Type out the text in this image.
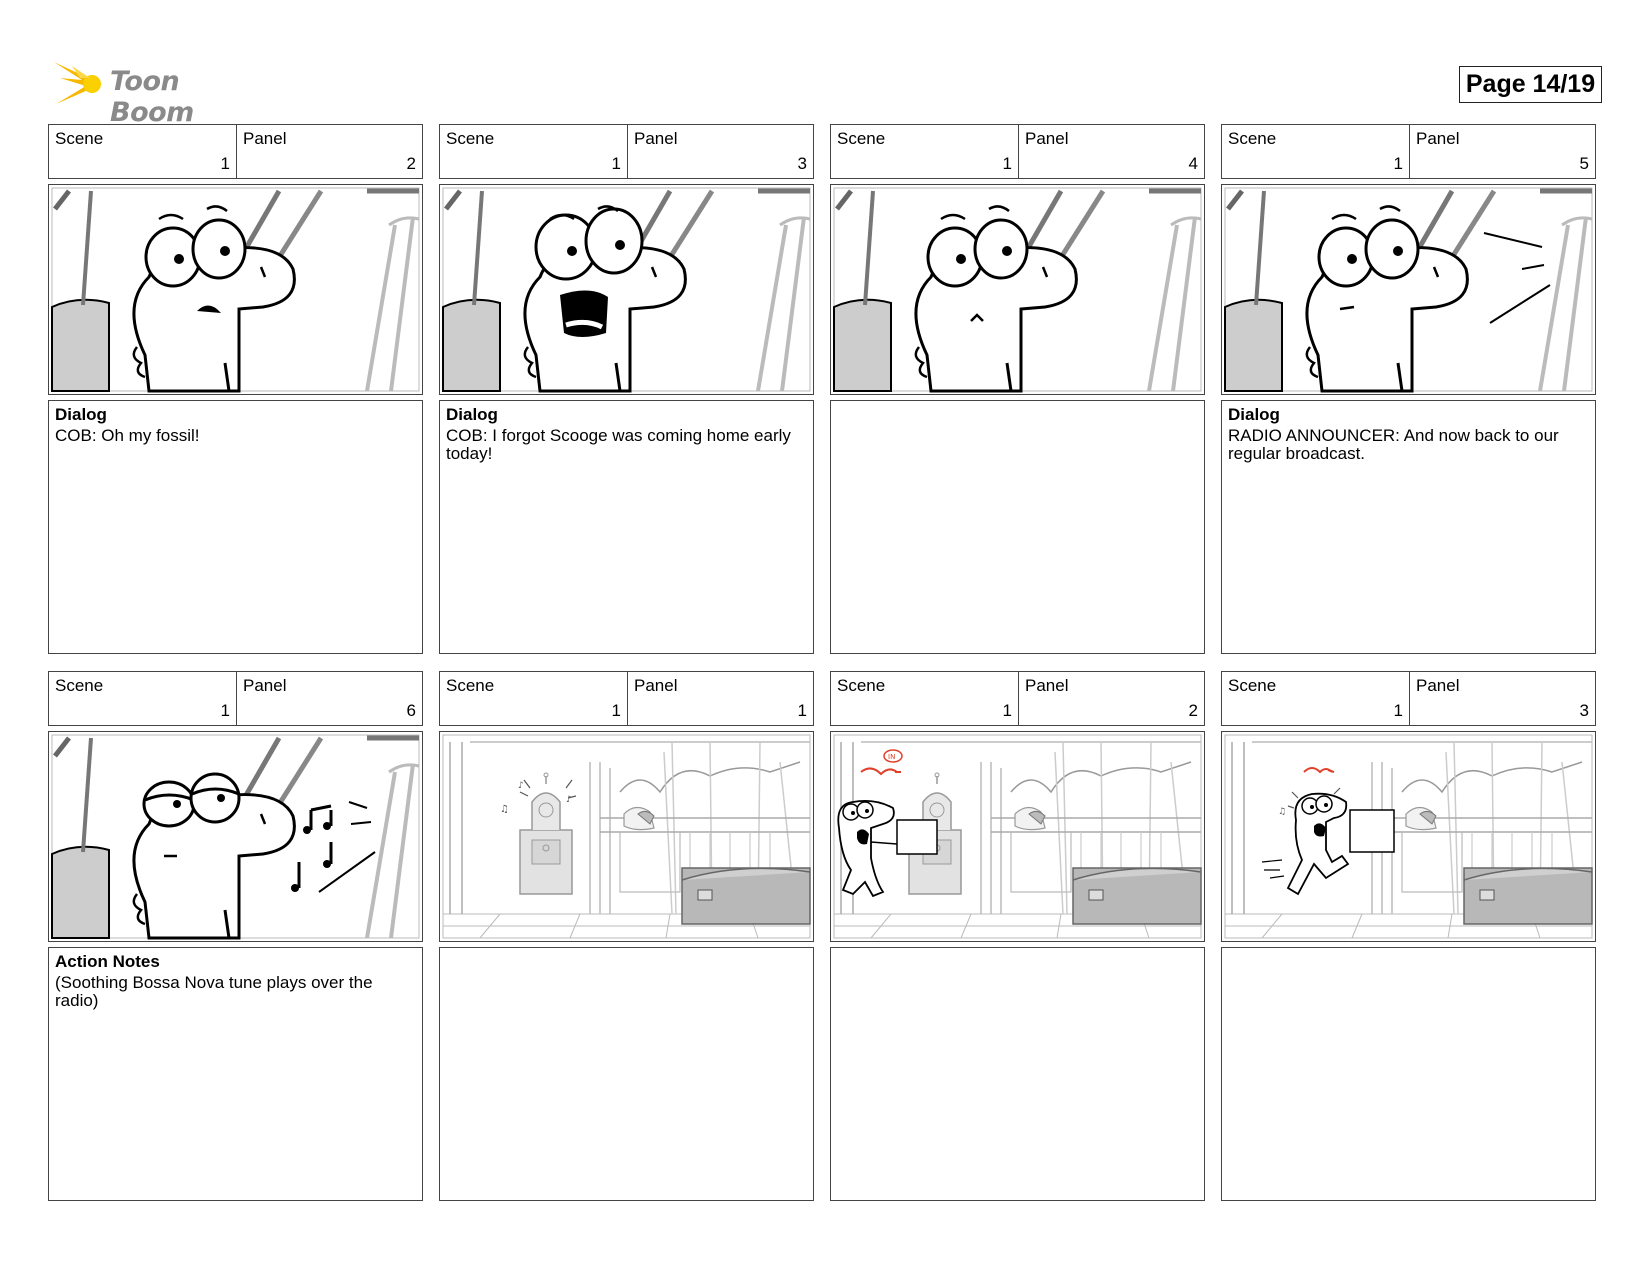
Toon Boom
Page 14/19
Scene
1
Panel
2
Dialog
COB: Oh my fossil!
Scene
1
Panel
3
Dialog
COB: I forgot Scooge was coming home early today!
Scene
1
Panel
4
Scene
1
Panel
5
Dialog
RADIO ANNOUNCER: And now back to our regular broadcast.
Scene
1
Panel
6
Action Notes
(Soothing Bossa Nova tune plays over the radio)
Scene
1
Panel
1
♫
♪
♪
Scene
1
Panel
2
IN
Scene
1
Panel
3
♫
